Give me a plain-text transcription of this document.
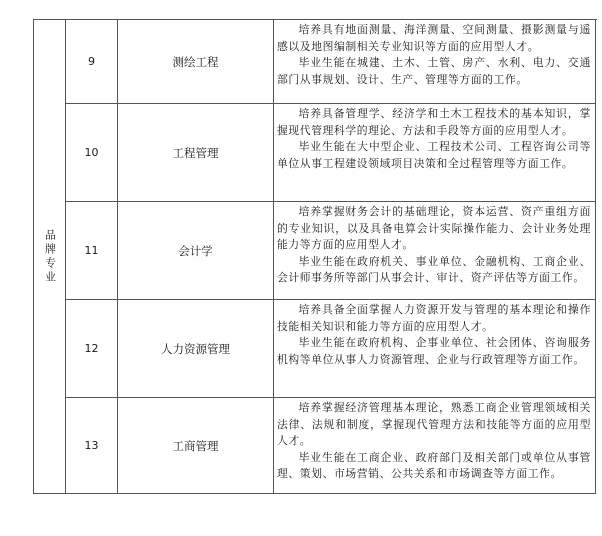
品牌专业
9	测绘工程

培养具有地面测量、海洋测量、空间测量、摄影测量与遥感以及地图编制相关专业知识等方面的应用型人才。

毕业生能在城建、土木、土管、房产、水利、电力、交通部门从事规划、设计、生产、管理等方面的工作。

10	工程管理

培养具备管理学、经济学和土木工程技术的基本知识，掌握现代管理科学的理论、方法和手段等方面的应用型人才。

毕业生能在大中型企业、工程技术公司、工程咨询公司等单位从事工程建设领域项目决策和全过程管理等方面工作。

11	会计学

培养掌握财务会计的基础理论，资本运营、资产重组方面的专业知识，以及具备电算会计实际操作能力、会计业务处理能力等方面的应用型人才。

毕业生能在政府机关、事业单位、金融机构、工商企业、会计师事务所等部门从事会计、审计、资产评估等方面工作。

12	人力资源管理

培养具备全面掌握人力资源开发与管理的基本理论和操作技能相关知识和能力等方面的应用型人才。

毕业生能在政府机构、企事业单位、社会团体、咨询服务机构等单位从事人力资源管理、企业与行政管理等方面工作。

13	工商管理

培养掌握经济管理基本理论，熟悉工商企业管理领域相关法律、法规和制度，掌握现代管理方法和技能等方面的应用型人才。

毕业生能在工商企业、政府部门及相关部门或单位从事管理、策划、市场营销、公共关系和市场调查等方面工作。
